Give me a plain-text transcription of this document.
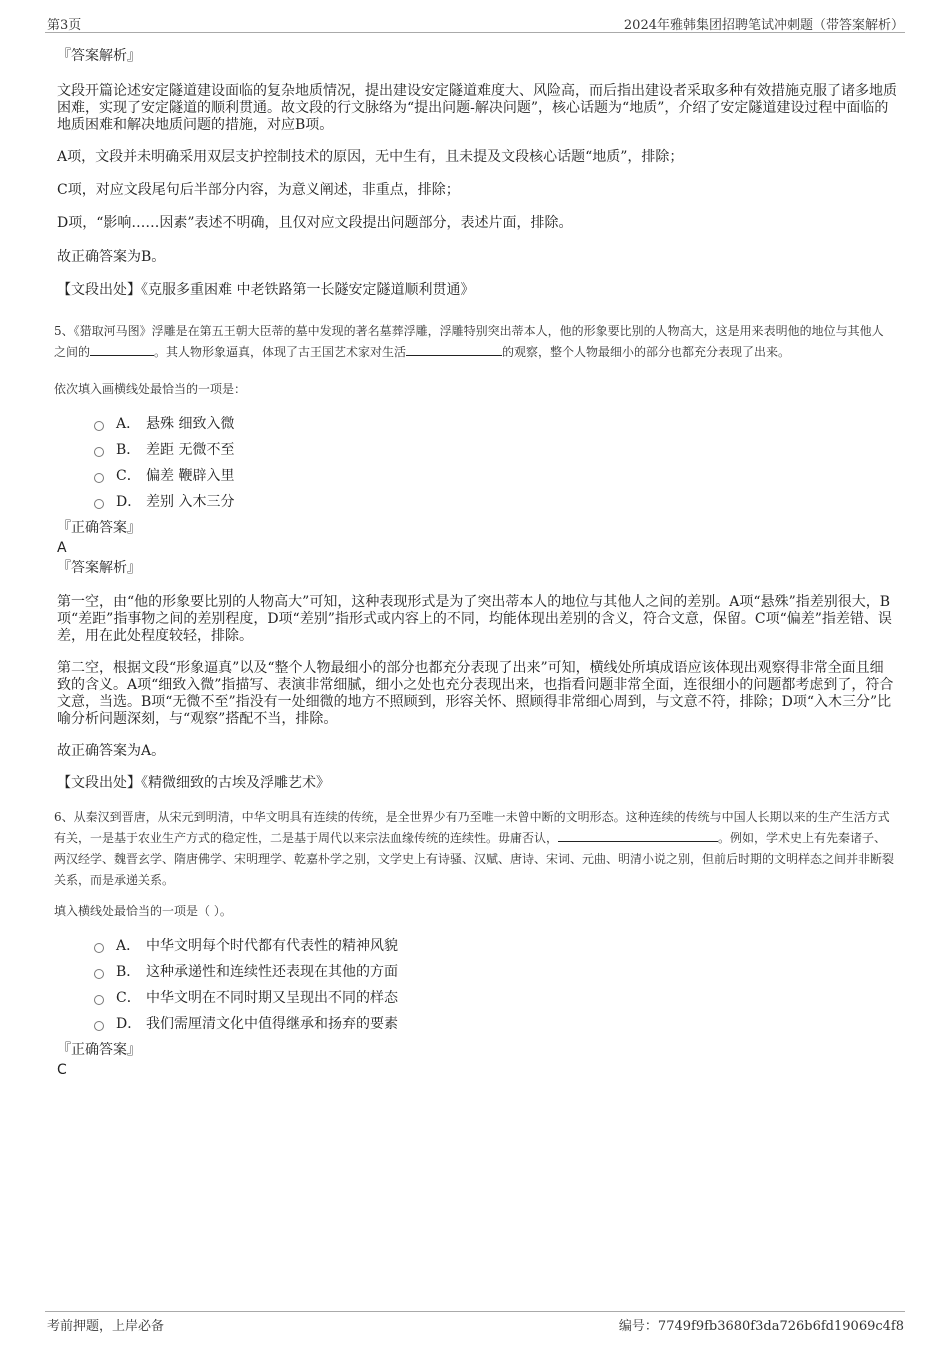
第3页	2024年雅韩集团招聘笔试冲刺题（带答案解析）
『答案解析』

文段开篇论述安定隧道建设面临的复杂地质情况，提出建设安定隧道难度大、风险高，而后指出建设者采取多种有效措施克服了诸多地质困难，实现了安定隧道的顺利贯通。故文段的行文脉络为“提出问题-解决问题”，核心话题为“地质”，介绍了安定隧道建设过程中面临的地质困难和解决地质问题的措施，对应B项。

A项，文段并未明确采用双层支护控制技术的原因，无中生有，且未提及文段核心话题“地质”，排除；

C项，对应文段尾句后半部分内容，为意义阐述，非重点，排除；

D项，“影响……因素”表述不明确，且仅对应文段提出问题部分，表述片面，排除。

故正确答案为B。

【文段出处】《克服多重困难 中老铁路第一长隧安定隧道顺利贯通》
5、《猎取河马图》浮雕是在第五王朝大臣蒂的墓中发现的著名墓葬浮雕，浮雕特别突出蒂本人，他的形象要比别的人物高大，这是用来表明他的地位与其他人之间的	。其人物形象逼真，体现了古王国艺术家对生活	的观察，整个人物最细小的部分也都充分表现了出来。
依次填入画横线处最恰当的一项是：
A． 悬殊 细致入微
B． 差距 无微不至
C． 偏差 鞭辟入里
D． 差别 入木三分
『正确答案』
A
『答案解析』

第一空，由“他的形象要比别的人物高大”可知，这种表现形式是为了突出蒂本人的地位与其他人之间的差别。A项“悬殊”指差别很大，B项“差距”指事物之间的差别程度，D项“差别”指形式或内容上的不同，均能体现出差别的含义，符合文意，保留。C项“偏差”指差错、误差，用在此处程度较轻，排除。

第二空，根据文段“形象逼真”以及“整个人物最细小的部分也都充分表现了出来”可知，横线处所填成语应该体现出观察得非常全面且细致的含义。A项“细致入微”指描写、表演非常细腻，细小之处也充分表现出来，也指看问题非常全面，连很细小的问题都考虑到了，符合文意，当选。B项“无微不至”指没有一处细微的地方不照顾到，形容关怀、照顾得非常细心周到，与文意不符，排除；D项“入木三分”比喻分析问题深刻，与“观察”搭配不当，排除。

故正确答案为A。

【文段出处】《精微细致的古埃及浮雕艺术》
6、从秦汉到晋唐，从宋元到明清，中华文明具有连续的传统，是全世界少有乃至唯一未曾中断的文明形态。这种连续的传统与中国人长期以来的生产生活方式有关，一是基于农业生产方式的稳定性，二是基于周代以来宗法血缘传统的连续性。毋庸否认，	。例如，学术史上有先秦诸子、两汉经学、魏晋玄学、隋唐佛学、宋明理学、乾嘉朴学之别，文学史上有诗骚、汉赋、唐诗、宋词、元曲、明清小说之别，但前后时期的文明样态之间并非断裂关系，而是承递关系。
填入横线处最恰当的一项是（ ）。
A． 中华文明每个时代都有代表性的精神风貌
B． 这种承递性和连续性还表现在其他的方面
C． 中华文明在不同时期又呈现出不同的样态
D． 我们需厘清文化中值得继承和扬弃的要素
『正确答案』
C
考前押题，上岸必备	编号：7749f9fb3680f3da726b6fd19069c4f8
